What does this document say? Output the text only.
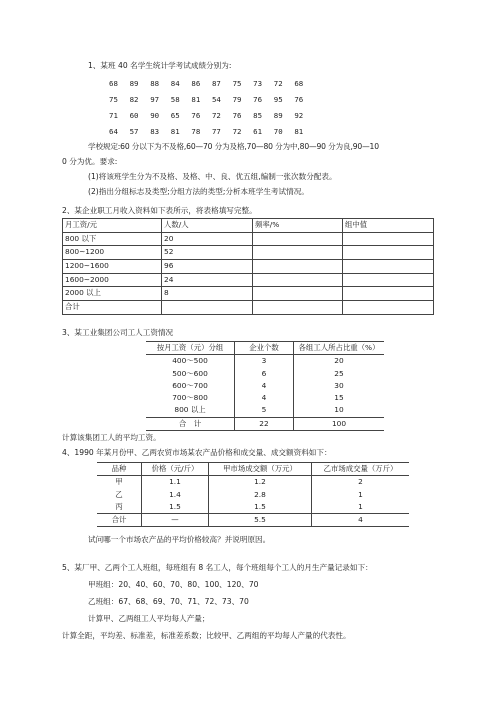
1、某班 40 名学生统计学考试成绩分别为:
68	89	88	84	86	87	75	73	72	68
75	82	97	58	81	54	79	76	95	76
71	60	90	65	76	72	76	85	89	92
64	57	83	81	78	77	72	61	70	81
学校规定:60 分以下为不及格,60—70 分为及格,70—80 分为中,80—90 分为良,90—10
0 分为优。要求:
(1)将该班学生分为不及格、及格、中、良、优五组,编制一张次数分配表。
(2)指出分组标志及类型;分组方法的类型;分析本班学生考试情况。
2、某企业职工月收入资料如下表所示，将表格填写完整。
月工资/元	人数/人	频率/%	组中值
800 以下	20		
800~1200	52		
1200~1600	96		
1600~2000	24		
2000 以上	8		
合计			
3、某工业集团公司工人工资情况
按月工资（元）分组	企业个数	各组工人所占比重（%）
400～500	3	20
500～600	6	25
600～700	4	30
700～800	4	15
800 以上	5	10
合　计	22	100
计算该集团工人的平均工资。
4、1990 年某月份甲、乙两农贸市场某农产品价格和成交量、成交额资料如下：
品种	价格（元/斤）	甲市场成交额（万元）	乙市场成交量（万斤）
甲	1.1	1.2	2
乙	1.4	2.8	1
丙	1.5	1.5	1
合计	—	5.5	4
试问哪一个市场农产品的平均价格较高？并说明原因。
5、某厂甲、乙两个工人班组，每班组有 8 名工人，每个班组每个工人的月生产量记录如下：
甲班组：20、40、60、70、80、100、120、70
乙班组：67、68、69、70、71、72、73、70
计算甲、乙两组工人平均每人产量；
计算全距，平均差、标准差，标准差系数；比较甲、乙两组的平均每人产量的代表性。
